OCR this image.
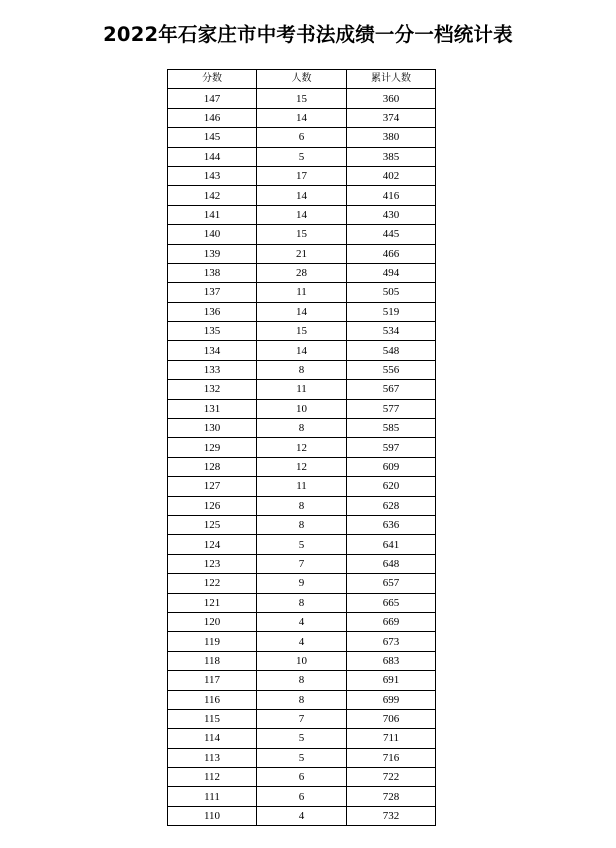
2022年石家庄市中考书法成绩一分一档统计表
分数	人数	累计人数
147	15	360
146	14	374
145	6	380
144	5	385
143	17	402
142	14	416
141	14	430
140	15	445
139	21	466
138	28	494
137	11	505
136	14	519
135	15	534
134	14	548
133	8	556
132	11	567
131	10	577
130	8	585
129	12	597
128	12	609
127	11	620
126	8	628
125	8	636
124	5	641
123	7	648
122	9	657
121	8	665
120	4	669
119	4	673
118	10	683
117	8	691
116	8	699
115	7	706
114	5	711
113	5	716
112	6	722
111	6	728
110	4	732
